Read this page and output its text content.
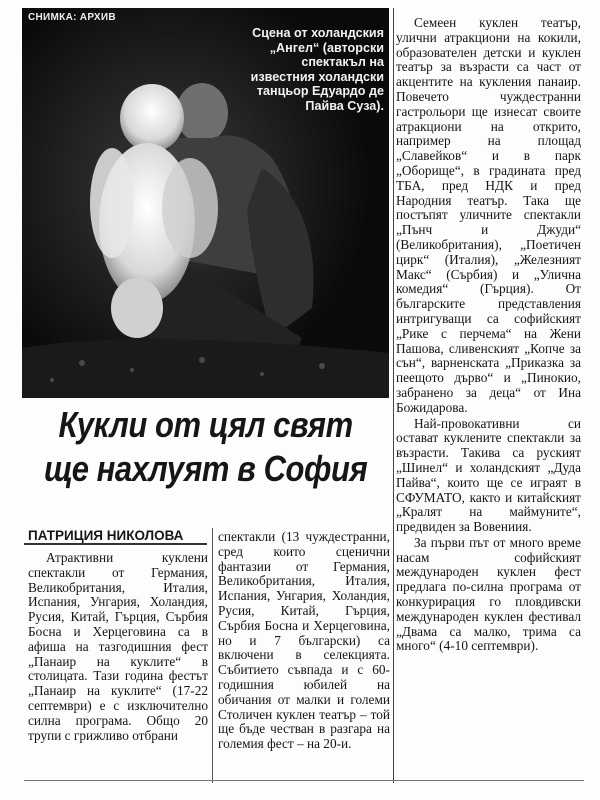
СНИМКА: АРХИВ
Сцена от холандския „Ангел“ (авторски спектакъл на известния холандски танцьор Едуардо де Пайва Суза).
Кукли от цял свят
ще нахлуят в София
ПАТРИЦИЯ НИКОЛОВА

Атрактивни куклени спектакли от Германия, Великобритания, Италия, Испания, Унгария, Холандия, Русия, Китай, Гърция, Сърбия Босна и Херцеговина са в афиша на тазгодишния фест „Панаир на куклите“ в столицата. Тази година фестът „Панаир на куклите“ (17-22 септември) е с изключително силна програма. Общо 20 трупи с грижливо отбрани

спектакли (13 чуждестранни, сред които сценични фантазии от Германия, Великобритания, Италия, Испания, Унгария, Холандия, Русия, Китай, Гърция, Сърбия Босна и Херцеговина, но и 7 български) са включени в селекцията. Събитието съвпада и с 60-годишния юбилей на обичания от малки и големи Столичен куклен театър – той ще бъде честван в разгара на големия фест – на 20-и.

Семеен куклен театър, улични атракциони на кокили, образователен детски и куклен театър за възрасти са част от акцентите на кукления панаир. Повечето чуждестранни гастрольори ще изнесат своите атракциони на открито, например на площад „Славейков“ и в парк „Оборище“, в градината пред ТБА, пред НДК и пред Народния театър. Така ще постъпят уличните спектакли „Пънч и Джуди“ (Великобритания), „Поетичен цирк“ (Италия), „Железният Макс“ (Сърбия) и „Улична комедия“ (Гърция). От българските представления интригуващи са софийският „Рике с перчема“ на Жени Пашова, сливенският „Копче за сън“, варненската „Приказка за пеещото дърво“ и „Пинокио, забранено за деца“ от Ина Божидарова.

Най-провокативни си остават куклените спектакли за възрасти. Такива са руският „Шинел“ и холандският „Дуда Пайва“, които ще се играят в СФУМАТО, както и китайският „Кралят на маймуните“, предвиден за Вовениия.

За първи път от много време насам софийският международен куклен фест предлага по-силна програма от конкурирация го пловдивски международен куклен фестивал „Двама са малко, трима са много“ (4-10 септември).
